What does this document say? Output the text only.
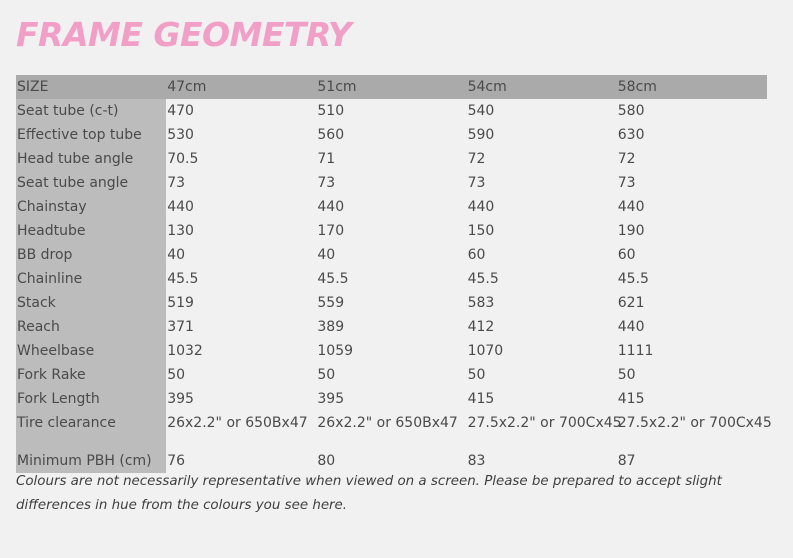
FRAME GEOMETRY
SIZE	47cm	51cm	54cm	58cm
Seat tube (c-t)	470	510	540	580
Effective top tube	530	560	590	630
Head tube angle	70.5	71	72	72
Seat tube angle	73	73	73	73
Chainstay	440	440	440	440
Headtube	130	170	150	190
BB drop	40	40	60	60
Chainline	45.5	45.5	45.5	45.5
Stack	519	559	583	621
Reach	371	389	412	440
Wheelbase	1032	1059	1070	1111
Fork Rake	50	50	50	50
Fork Length	395	395	415	415
Tire clearance	26x2.2" or 650Bx47	26x2.2" or 650Bx47	27.5x2.2" or 700Cx45	27.5x2.2" or 700Cx45
Minimum PBH (cm)	76	80	83	87

Colours are not necessarily representative when viewed on a screen. Please be prepared to accept slight differences in hue from the colours you see here.
